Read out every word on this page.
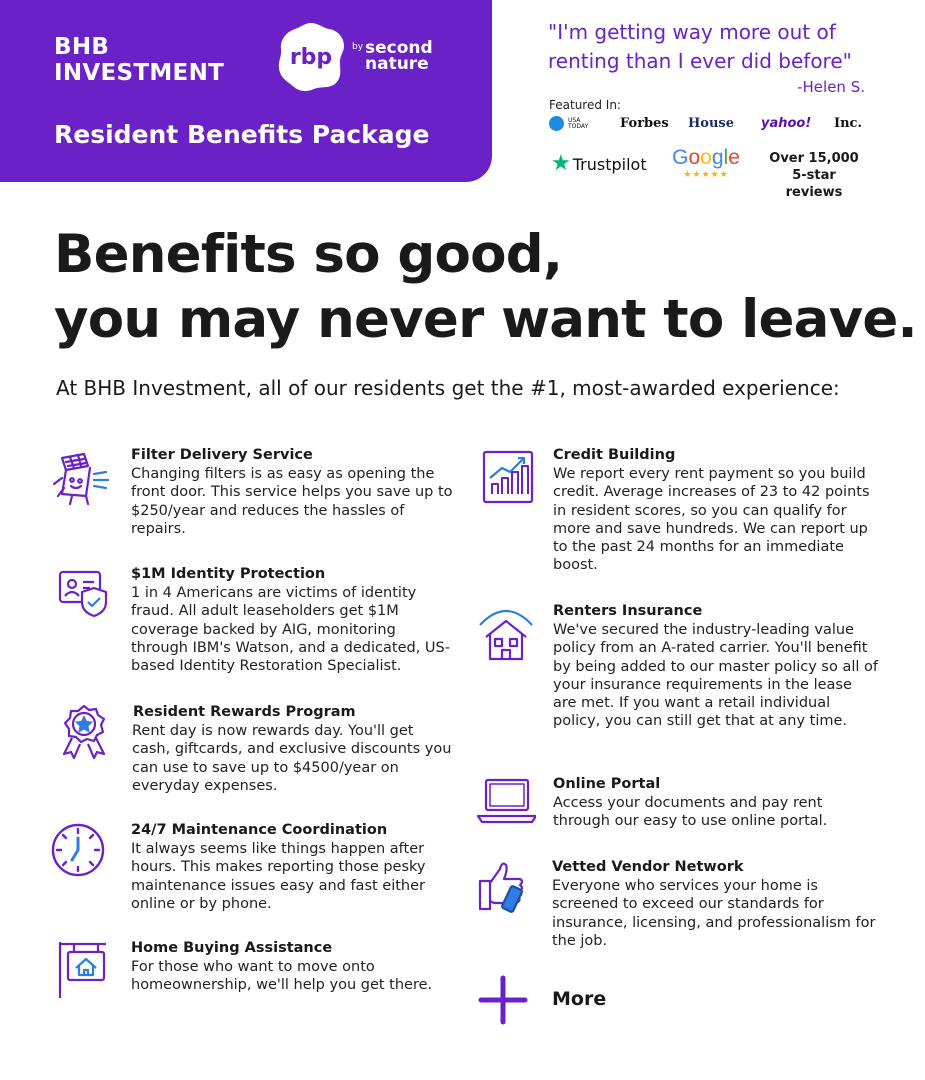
BHB
INVESTMENT
rbp	by second
nature
Resident Benefits Package
"I'm getting way more out of renting than I ever did before"
-Helen S.
Featured In:
USA TODAY Forbes House yahoo! Inc.
★ Trustpilot Google
★★★★★
Over 15,000
5-star reviews
Benefits so good,
you may never want to leave.
At BHB Investment, all of our residents get the #1, most-awarded experience:
Filter Delivery Service
Changing filters is as easy as opening the front door. This service helps you save up to $250/year and reduces the hassles of repairs.
$1M Identity Protection
1 in 4 Americans are victims of identity fraud. All adult leaseholders get $1M coverage backed by AIG, monitoring through IBM's Watson, and a dedicated, US-based Identity Restoration Specialist.
Resident Rewards Program
Rent day is now rewards day. You'll get cash, giftcards, and exclusive discounts you can use to save up to $4500/year on everyday expenses.
24/7 Maintenance Coordination
It always seems like things happen after hours. This makes reporting those pesky maintenance issues easy and fast either online or by phone.
Home Buying Assistance
For those who want to move onto homeownership, we'll help you get there.
Credit Building
We report every rent payment so you build credit. Average increases of 23 to 42 points in resident scores, so you can qualify for more and save hundreds. We can report up to the past 24 months for an immediate boost.
Renters Insurance
We've secured the industry-leading value policy from an A-rated carrier. You'll benefit by being added to our master policy so all of your insurance requirements in the lease are met. If you want a retail individual policy, you can still get that at any time.
Online Portal
Access your documents and pay rent through our easy to use online portal.
Vetted Vendor Network
Everyone who services your home is screened to exceed our standards for insurance, licensing, and professionalism for the job.
More
